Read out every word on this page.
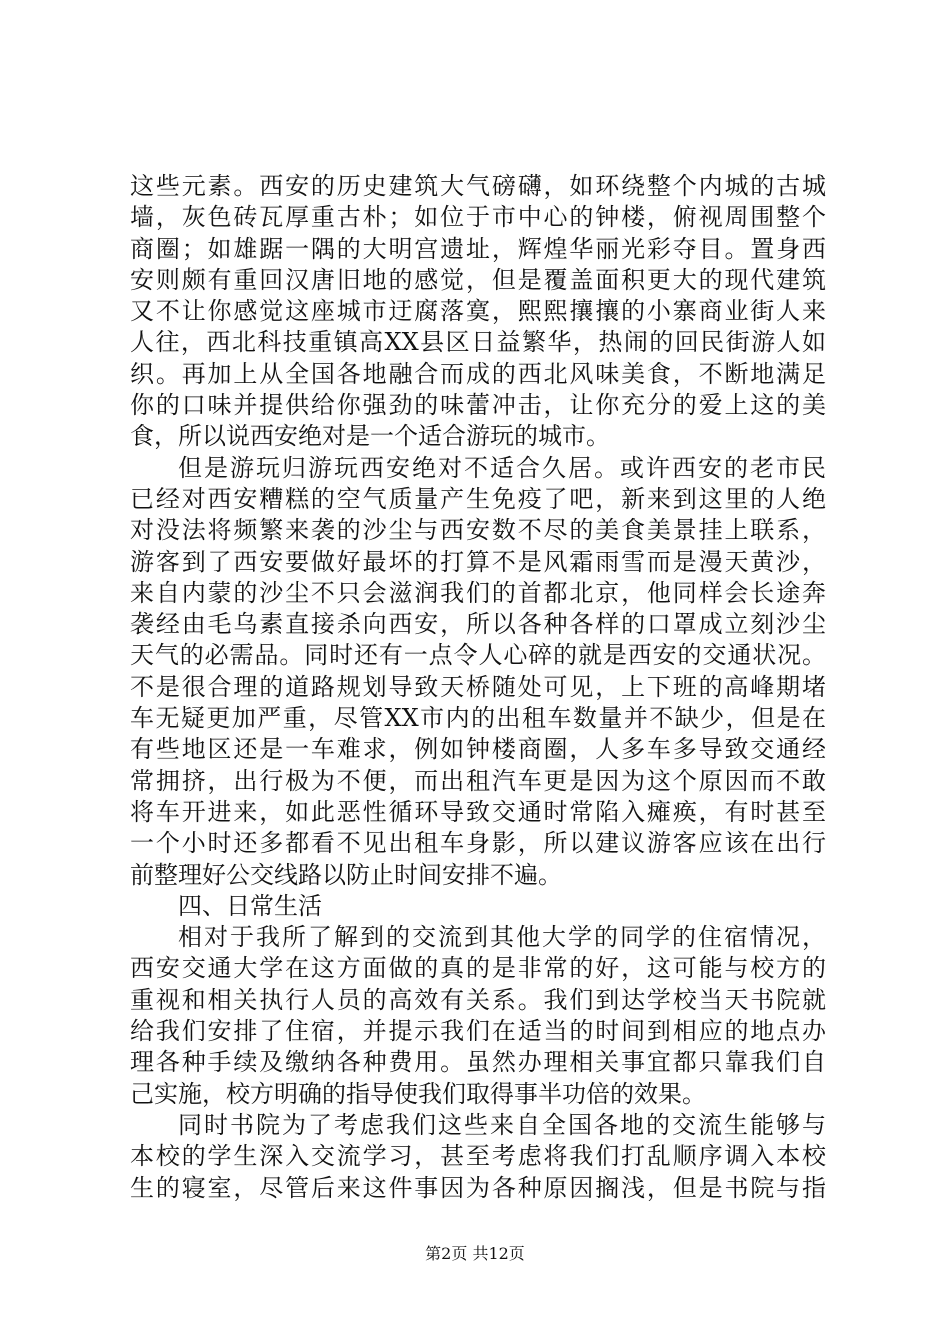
这些元素。西安的历史建筑大气磅礴，如环绕整个内城的古城
墙，灰色砖瓦厚重古朴；如位于市中心的钟楼，俯视周围整个
商圈；如雄踞一隅的大明宫遗址，辉煌华丽光彩夺目。置身西
安则颇有重回汉唐旧地的感觉，但是覆盖面积更大的现代建筑
又不让你感觉这座城市迂腐落寞，熙熙攘攘的小寨商业街人来
人往，西北科技重镇高XX县区日益繁华，热闹的回民街游人如
织。再加上从全国各地融合而成的西北风味美食，不断地满足
你的口味并提供给你强劲的味蕾冲击，让你充分的爱上这的美
食，所以说西安绝对是一个适合游玩的城市。
但是游玩归游玩西安绝对不适合久居。或许西安的老市民
已经对西安糟糕的空气质量产生免疫了吧，新来到这里的人绝
对没法将频繁来袭的沙尘与西安数不尽的美食美景挂上联系，
游客到了西安要做好最坏的打算不是风霜雨雪而是漫天黄沙，
来自内蒙的沙尘不只会滋润我们的首都北京，他同样会长途奔
袭经由毛乌素直接杀向西安，所以各种各样的口罩成立刻沙尘
天气的必需品。同时还有一点令人心碎的就是西安的交通状况。
不是很合理的道路规划导致天桥随处可见，上下班的高峰期堵
车无疑更加严重，尽管XX市内的出租车数量并不缺少，但是在
有些地区还是一车难求，例如钟楼商圈，人多车多导致交通经
常拥挤，出行极为不便，而出租汽车更是因为这个原因而不敢
将车开进来，如此恶性循环导致交通时常陷入瘫痪，有时甚至
一个小时还多都看不见出租车身影，所以建议游客应该在出行
前整理好公交线路以防止时间安排不遍。
四、日常生活
相对于我所了解到的交流到其他大学的同学的住宿情况，
西安交通大学在这方面做的真的是非常的好，这可能与校方的
重视和相关执行人员的高效有关系。我们到达学校当天书院就
给我们安排了住宿，并提示我们在适当的时间到相应的地点办
理各种手续及缴纳各种费用。虽然办理相关事宜都只靠我们自
己实施，校方明确的指导使我们取得事半功倍的效果。
同时书院为了考虑我们这些来自全国各地的交流生能够与
本校的学生深入交流学习，甚至考虑将我们打乱顺序调入本校
生的寝室，尽管后来这件事因为各种原因搁浅，但是书院与指
第2页 共12页
